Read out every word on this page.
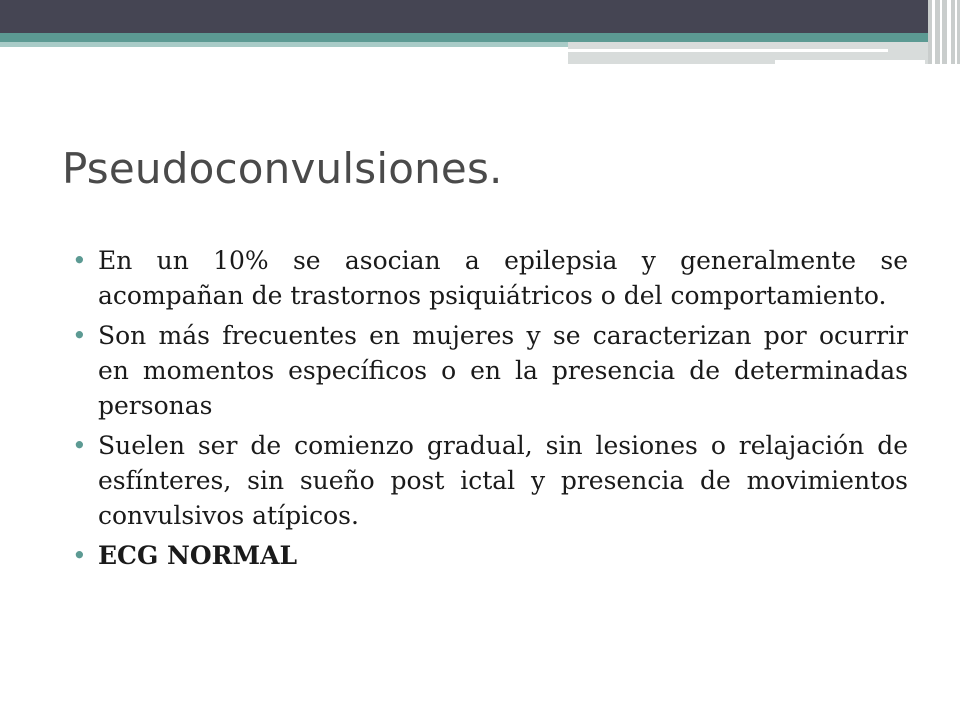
Pseudoconvulsiones.
• En un 10% se asocian a epilepsia y generalmente se acompañan de trastornos psiquiátricos o del comportamiento.
• Son más frecuentes en mujeres y se caracterizan por ocurrir en momentos específicos o en la presencia de determinadas personas
• Suelen ser de comienzo gradual, sin lesiones o relajación de esfínteres, sin sueño post ictal y presencia de movimientos convulsivos atípicos.
• ECG NORMAL
